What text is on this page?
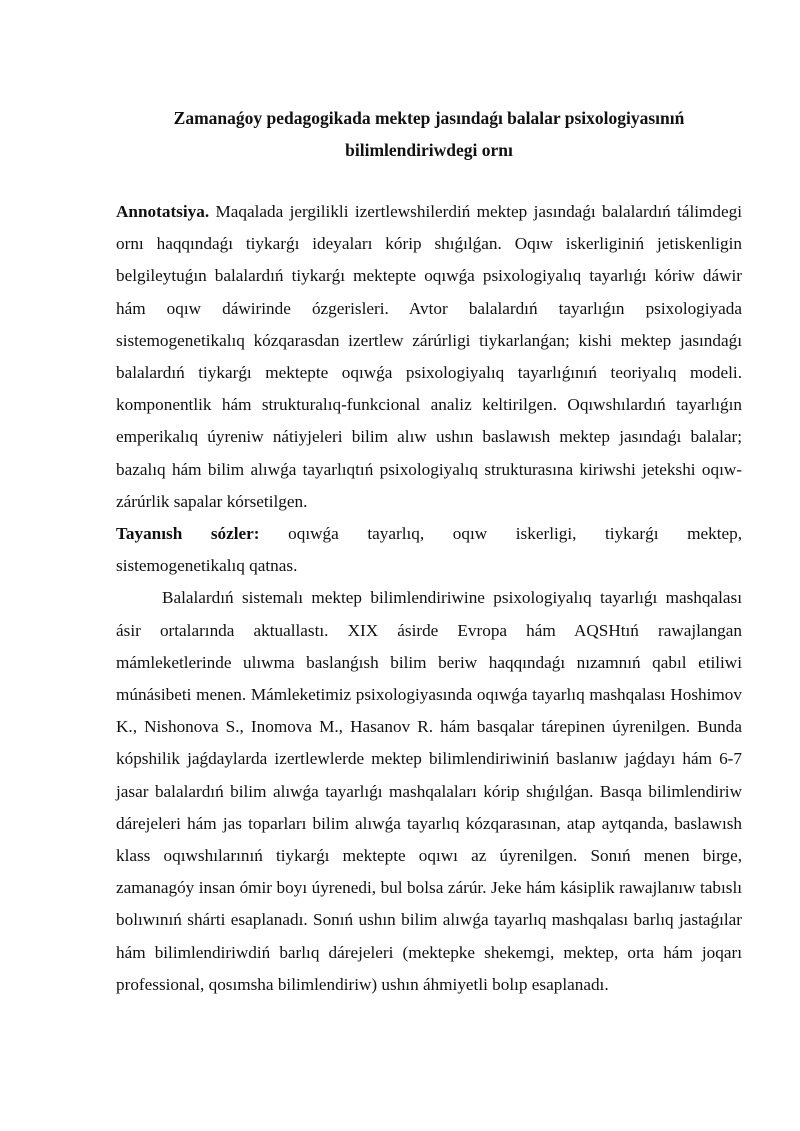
Zamanaǵoy pedagogikada mektep jasındaǵı balalar psixologiyasınıń
bilimlendiriwdegi ornı

Annotatsiya. Maqalada jergilikli izertlewshilerdiń mektep jasındaǵı balalardıń tálimdegi ornı haqqındaǵı tiykarǵı ideyaları kórip shıǵılǵan. Oqıw iskerliginiń jetiskenligin belgileytuǵın balalardıń tiykarǵı mektepte oqıwǵa psixologiyalıq tayarlıǵı kóriw dáwir hám oqıw dáwirinde ózgerisleri. Avtor balalardıń tayarlıǵın psixologiyada sistemogenetikalıq kózqarasdan izertlew zárúrligi tiykarlanǵan; kishi mektep jasındaǵı balalardıń tiykarǵı mektepte oqıwǵa psixologiyalıq tayarlıǵınıń teoriyalıq modeli. komponentlik hám strukturalıq-funkcional analiz keltirilgen. Oqıwshılardıń tayarlıǵın emperikalıq úyreniw nátiyjeleri bilim alıw ushın baslawısh mektep jasındaǵı balalar; bazalıq hám bilim alıwǵa tayarlıqtıń psixologiyalıq strukturasına kiriwshi jetekshi oqıw-zárúrlik sapalar kórsetilgen.

Tayanısh sózler: oqıwǵa tayarlıq, oqıw iskerligi, tiykarǵı mektep,

sistemogenetikalıq qatnas.

Balalardıń sistemalı mektep bilimlendiriwine psixologiyalıq tayarlıǵı mashqalası ásir ortalarında aktuallastı. XIX ásirde Evropa hám AQSHtıń rawajlangan mámleketlerinde ulıwma baslanǵısh bilim beriw haqqındaǵı nızamnıń qabıl etiliwi múnásibeti menen. Mámleketimiz psixologiyasında oqıwǵa tayarlıq mashqalası Hoshimov K., Nishonova S., Inomova M., Hasanov R. hám basqalar tárepinen úyrenilgen. Bunda kópshilik jaǵdaylarda izertlewlerde mektep bilimlendiriwiniń baslanıw jaǵdayı hám 6-7 jasar balalardıń bilim alıwǵa tayarlıǵı mashqalaları kórip shıǵılǵan. Basqa bilimlendiriw dárejeleri hám jas toparları bilim alıwǵa tayarlıq kózqarasınan, atap aytqanda, baslawısh klass oqıwshılarınıń tiykarǵı mektepte oqıwı az úyrenilgen. Sonıń menen birge, zamanagóy insan ómir boyı úyrenedi, bul bolsa zárúr. Jeke hám kásiplik rawajlanıw tabıslı bolıwınıń shárti esaplanadı. Sonıń ushın bilim alıwǵa tayarlıq mashqalası barlıq jastaǵılar hám bilimlendiriwdiń barlıq dárejeleri (mektepke shekemgi, mektep, orta hám joqarı professional, qosımsha bilimlendiriw) ushın áhmiyetli bolıp esaplanadı.
